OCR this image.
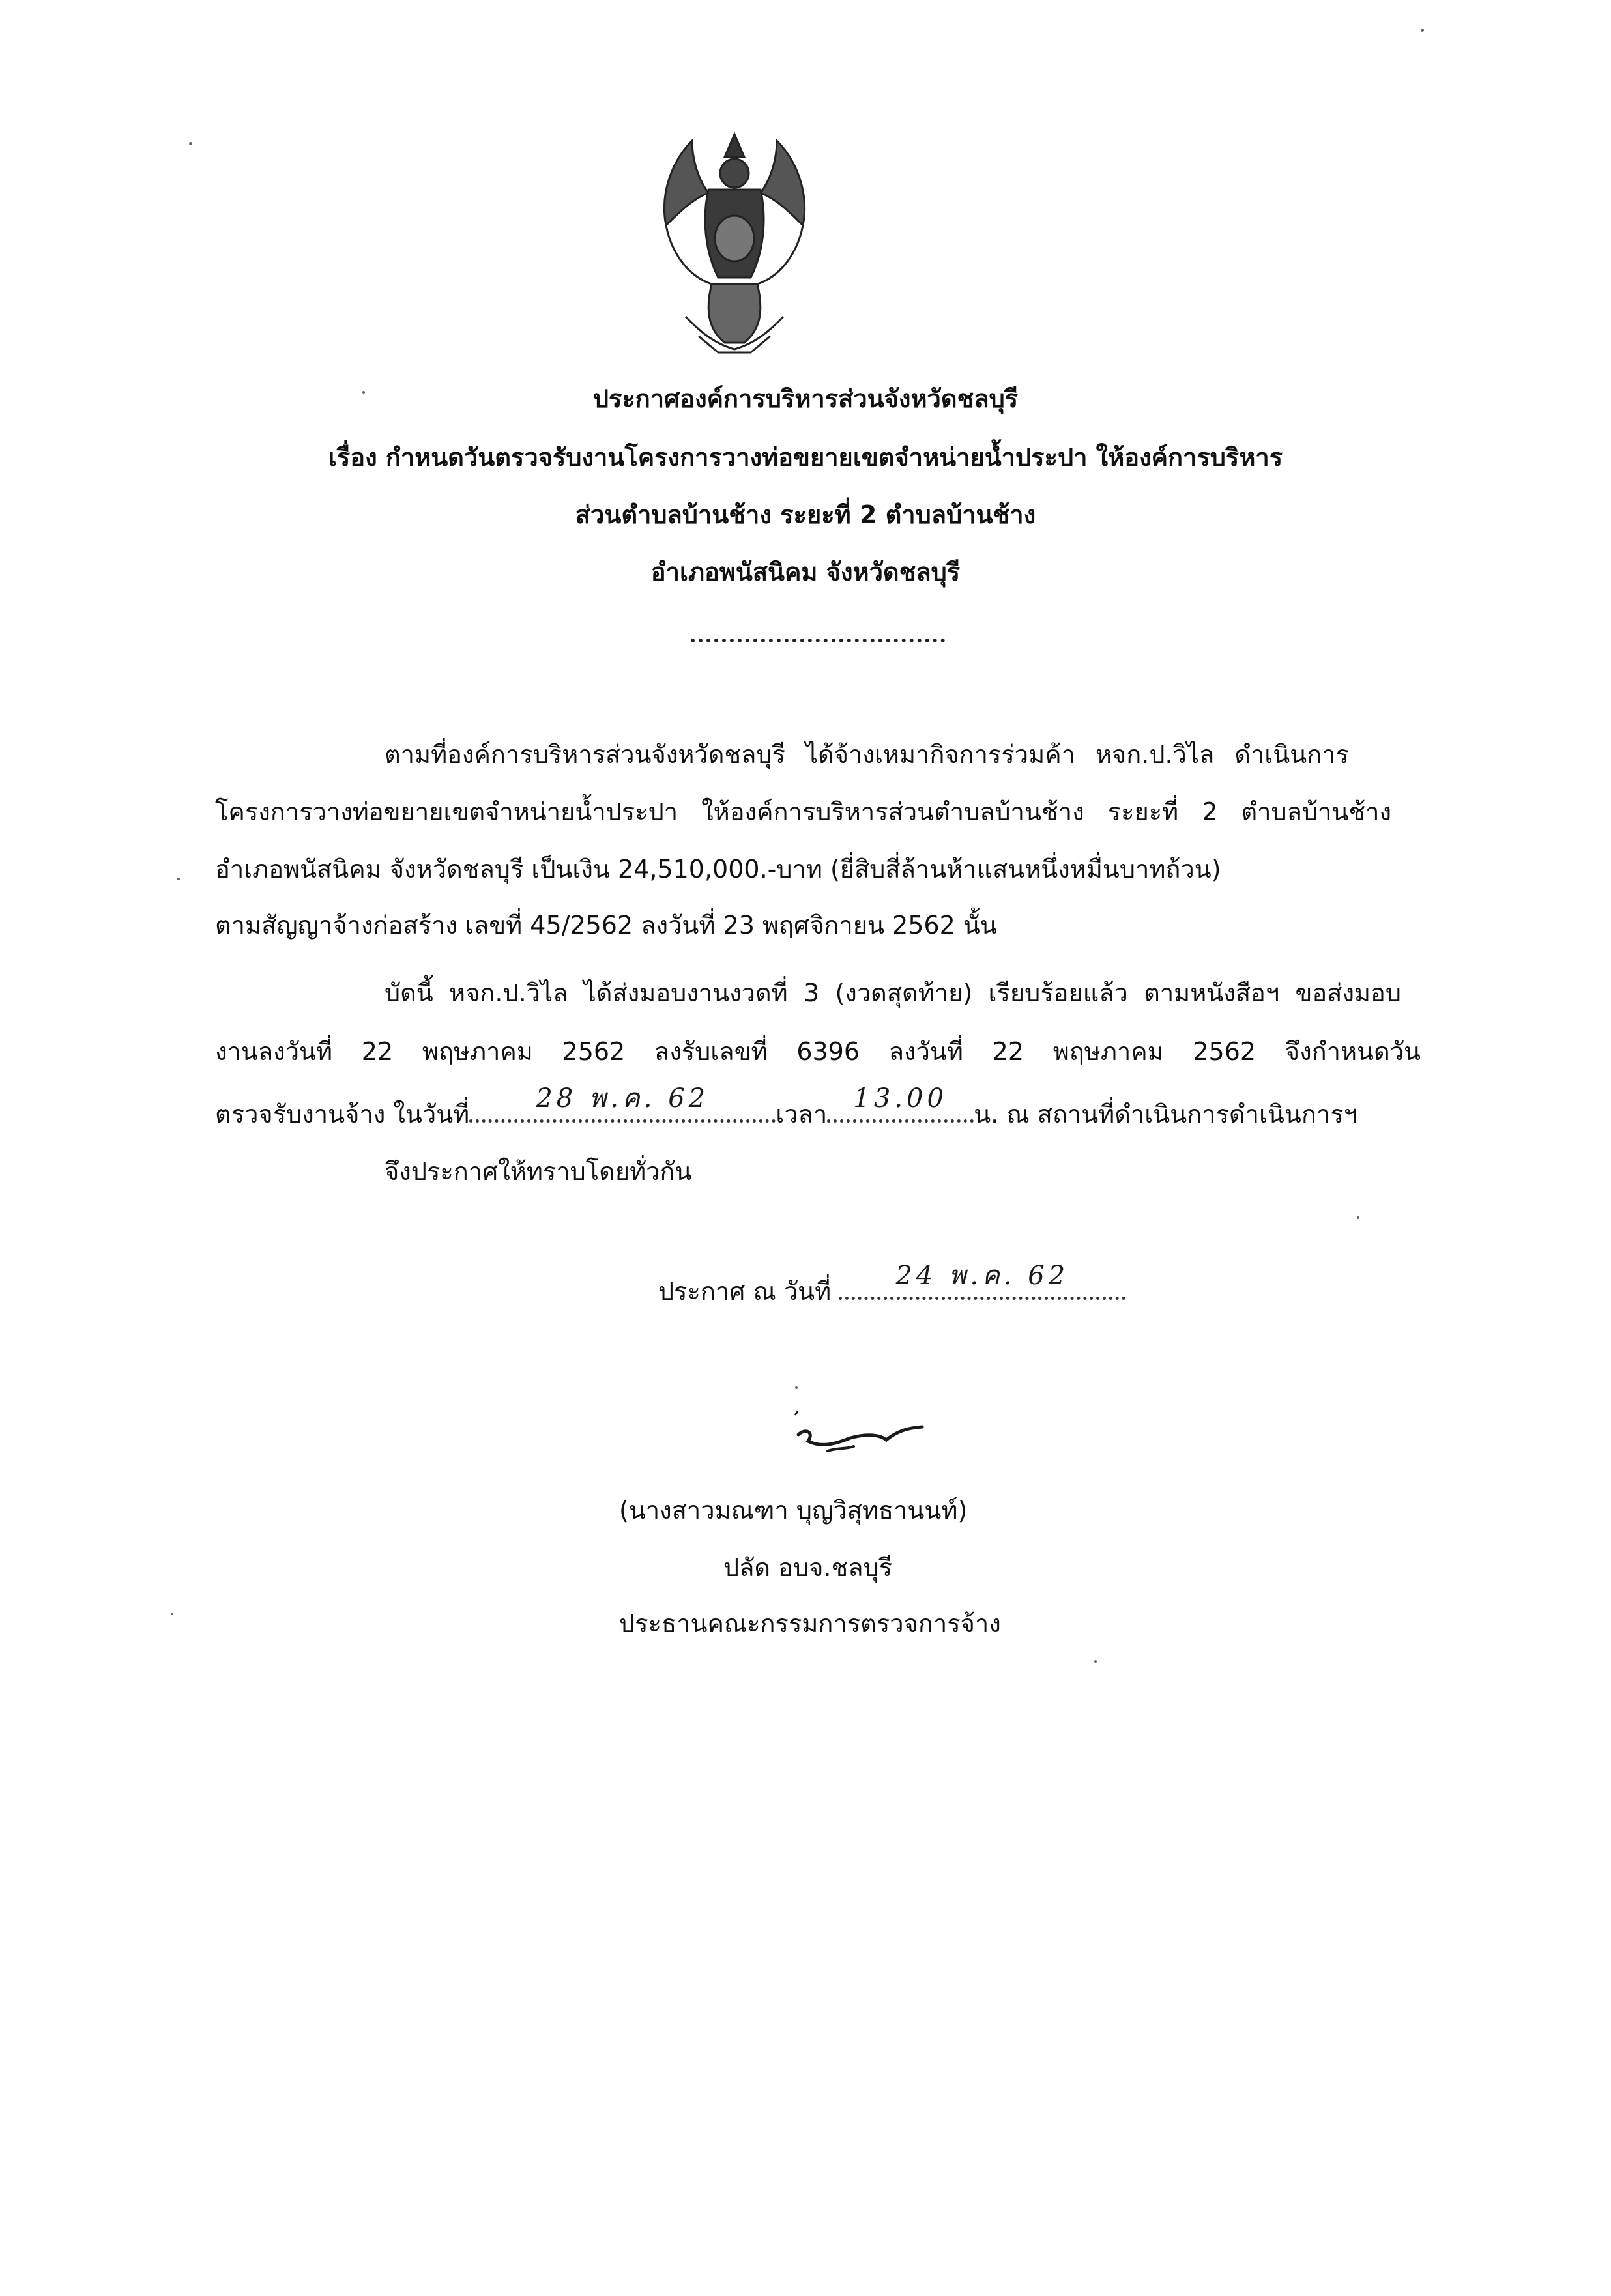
ประกาศองค์การบริหารส่วนจังหวัดชลบุรี
เรื่อง กำหนดวันตรวจรับงานโครงการวางท่อขยายเขตจำหน่ายน้ำประปา ให้องค์การบริหาร
ส่วนตำบลบ้านช้าง ระยะที่ 2 ตำบลบ้านช้าง
อำเภอพนัสนิคม จังหวัดชลบุรี
ตามที่องค์การบริหารส่วนจังหวัดชลบุรี ได้จ้างเหมากิจการร่วมค้า หจก.ป.วิไล ดำเนินการ
โครงการวางท่อขยายเขตจำหน่ายน้ำประปา ให้องค์การบริหารส่วนตำบลบ้านช้าง ระยะที่ 2 ตำบลบ้านช้าง
อำเภอพนัสนิคม จังหวัดชลบุรี เป็นเงิน 24,510,000.-บาท (ยี่สิบสี่ล้านห้าแสนหนึ่งหมื่นบาทถ้วน)
ตามสัญญาจ้างก่อสร้าง เลขที่ 45/2562 ลงวันที่ 23 พฤศจิกายน 2562 นั้น
บัดนี้ หจก.ป.วิไล ได้ส่งมอบงานงวดที่ 3 (งวดสุดท้าย) เรียบร้อยแล้ว ตามหนังสือฯ ขอส่งมอบ
งานลงวันที่ 22 พฤษภาคม 2562 ลงรับเลขที่ 6396 ลงวันที่ 22 พฤษภาคม 2562 จึงกำหนดวัน
ตรวจรับงานจ้าง ในวันที่
28 พ.ค. 62
เวลา
13.00
น. ณ สถานที่ดำเนินการดำเนินการฯ
จึงประกาศให้ทราบโดยทั่วกัน
ประกาศ ณ วันที่
24 พ.ค. 62
(นางสาวมณฑา บุญวิสุทธานนท์)
ปลัด อบจ.ชลบุรี
ประธานคณะกรรมการตรวจการจ้าง
